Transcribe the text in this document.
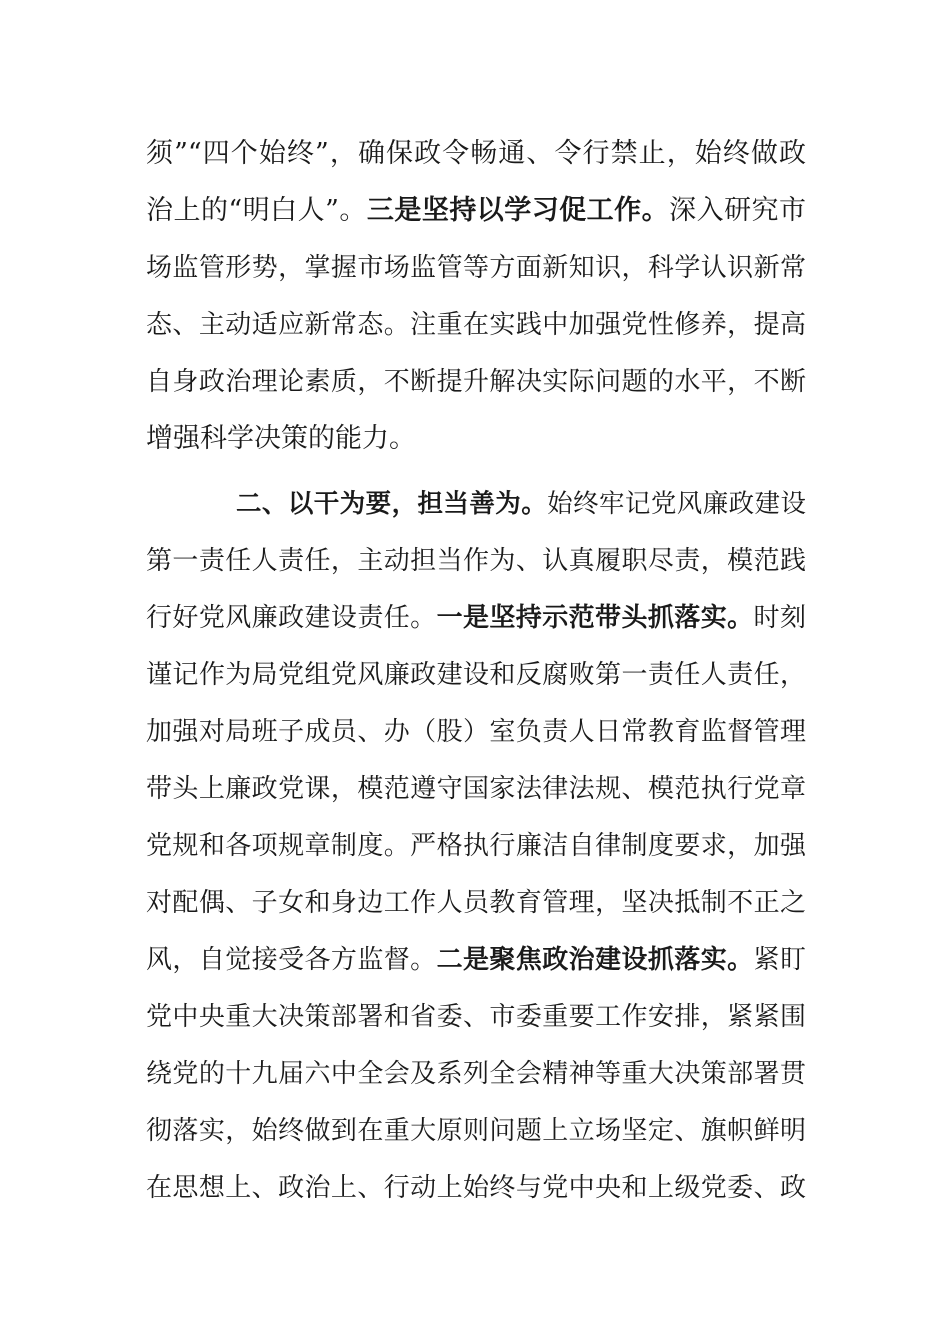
须”“四个始终”，确保政令畅通、令行禁止，始终做政
治上的“明白人”。三是坚持以学习促工作。深入研究市
场监管形势，掌握市场监管等方面新知识，科学认识新常
态、主动适应新常态。注重在实践中加强党性修养，提高
自身政治理论素质，不断提升解决实际问题的水平，不断
增强科学决策的能力。
二、以干为要，担当善为。始终牢记党风廉政建设
第一责任人责任，主动担当作为、认真履职尽责，模范践
行好党风廉政建设责任。一是坚持示范带头抓落实。时刻
谨记作为局党组党风廉政建设和反腐败第一责任人责任，
加强对局班子成员、办（股）室负责人日常教育监督管理
带头上廉政党课，模范遵守国家法律法规、模范执行党章
党规和各项规章制度。严格执行廉洁自律制度要求，加强
对配偶、子女和身边工作人员教育管理，坚决抵制不正之
风，自觉接受各方监督。二是聚焦政治建设抓落实。紧盯
党中央重大决策部署和省委、市委重要工作安排，紧紧围
绕党的十九届六中全会及系列全会精神等重大决策部署贯
彻落实，始终做到在重大原则问题上立场坚定、旗帜鲜明
在思想上、政治上、行动上始终与党中央和上级党委、政
